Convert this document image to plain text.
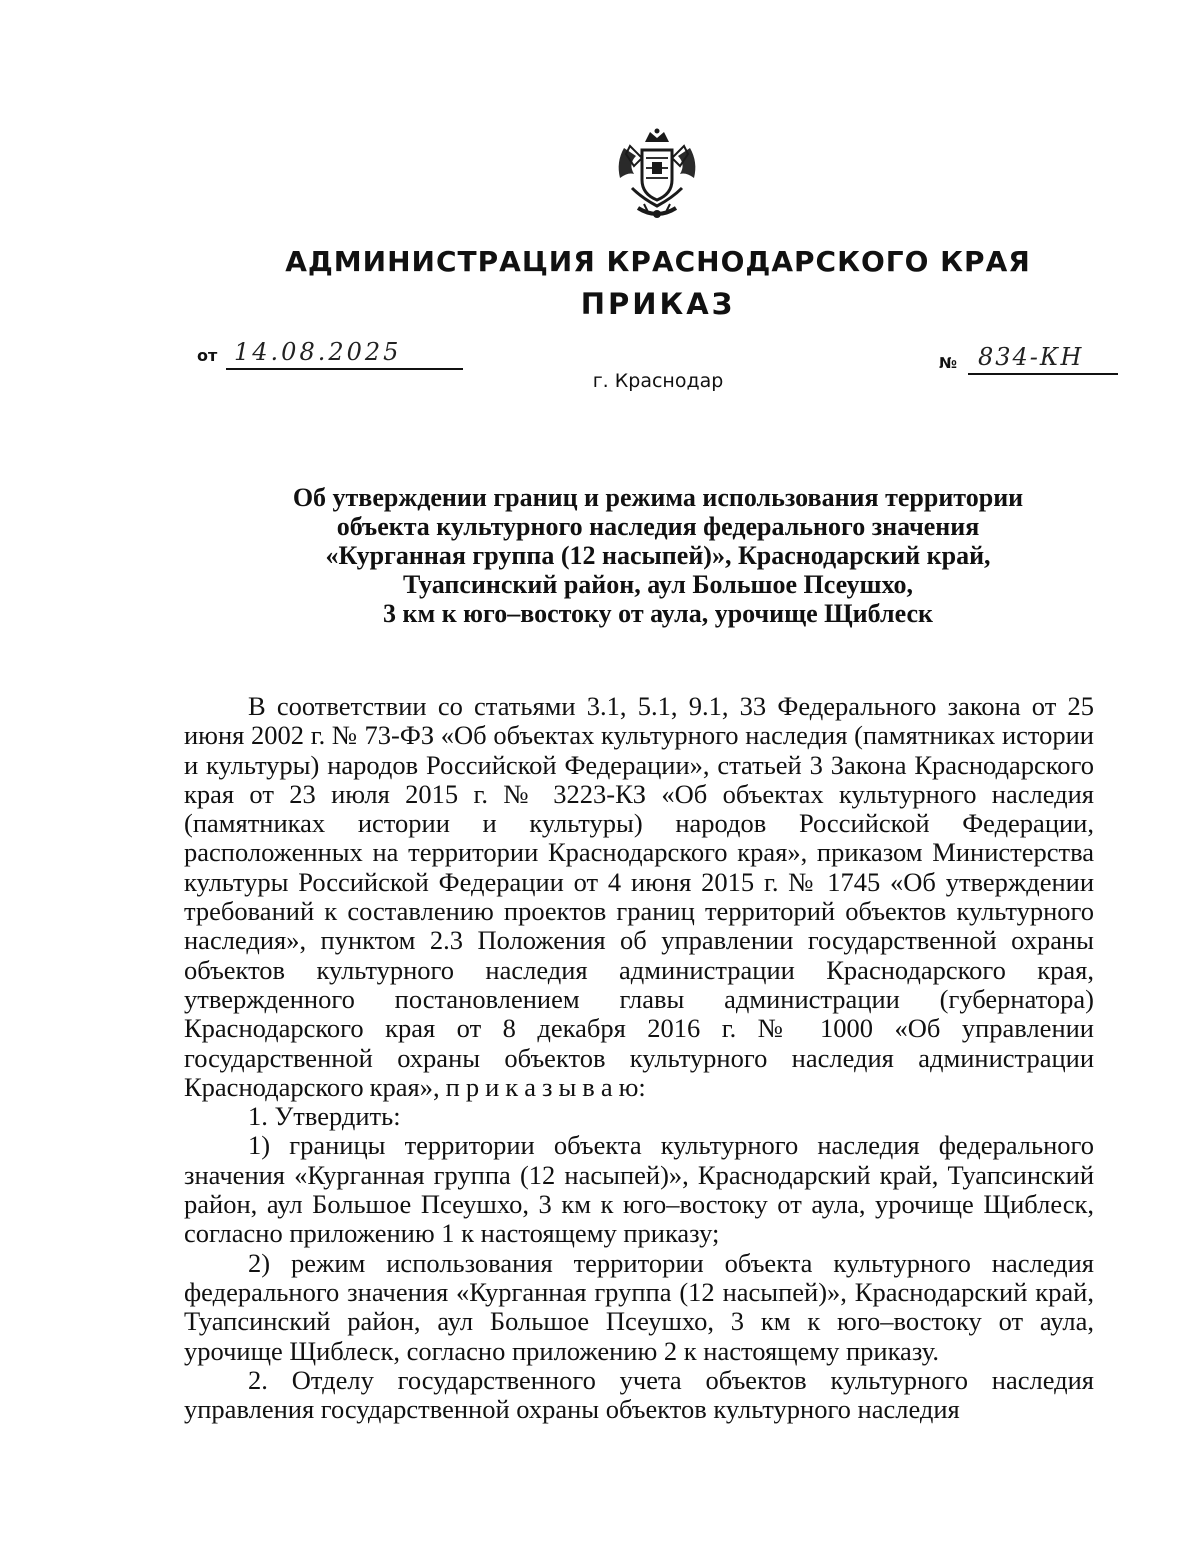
АДМИНИСТРАЦИЯ КРАСНОДАРСКОГО КРАЯ
ПРИКАЗ
от 14.08.2025	№ 834-КН
г. Краснодар
Об утверждении границ и режима использования территории
объекта культурного наследия федерального значения
«Курганная группа (12 насыпей)», Краснодарский край,
Туапсинский район, аул Большое Псеушхо,
3 км к юго–востоку от аула, урочище Щиблеск

В соответствии со статьями 3.1, 5.1, 9.1, 33 Федерального закона от 25 июня 2002 г. № 73-ФЗ «Об объектах культурного наследия (памятниках истории и культуры) народов Российской Федерации», статьей 3 Закона Краснодарского края от 23 июля 2015 г. № 3223-КЗ «Об объектах культурного наследия (памятниках истории и культуры) народов Российской Федерации, расположенных на территории Краснодарского края», приказом Министерства культуры Российской Федерации от 4 июня 2015 г. № 1745 «Об утверждении требований к составлению проектов границ территорий объектов культурного наследия», пунктом 2.3 Положения об управлении государственной охраны объектов культурного наследия администрации Краснодарского края, утвержденного постановлением главы администрации (губернатора) Краснодарского края от 8 декабря 2016 г. № 1000 «Об управлении государственной охраны объектов культурного наследия администрации Краснодарского края», п р и к а з ы в а ю:

1. Утвердить:

1) границы территории объекта культурного наследия федерального значения «Курганная группа (12 насыпей)», Краснодарский край, Туапсинский район, аул Большое Псеушхо, 3 км к юго–востоку от аула, урочище Щиблеск, согласно приложению 1 к настоящему приказу;

2) режим использования территории объекта культурного наследия федерального значения «Курганная группа (12 насыпей)», Краснодарский край, Туапсинский район, аул Большое Псеушхо, 3 км к юго–востоку от аула, урочище Щиблеск, согласно приложению 2 к настоящему приказу.

2. Отделу государственного учета объектов культурного наследия управления государственной охраны объектов культурного наследия
